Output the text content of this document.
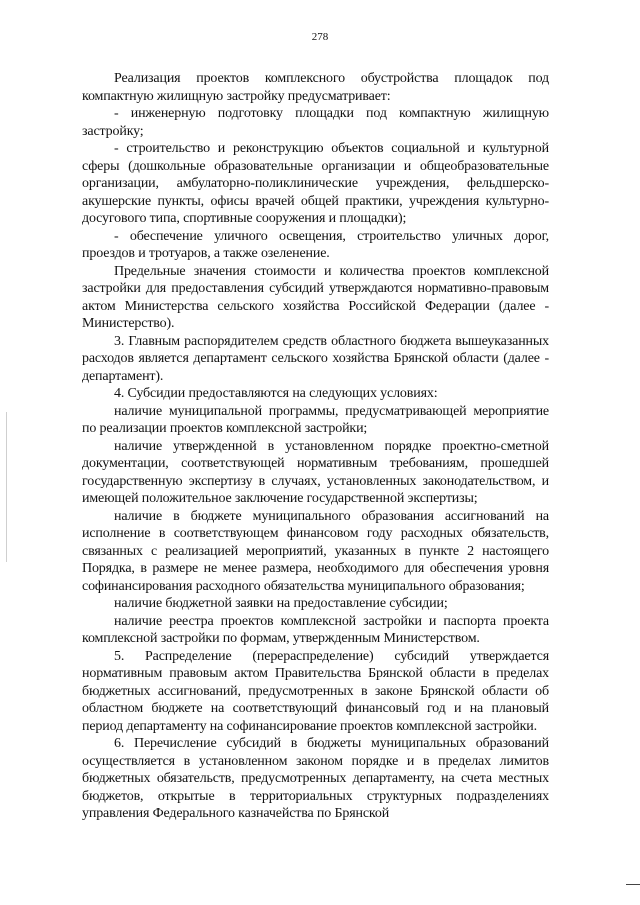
278

Реализация проектов комплексного обустройства площадок под компактную жилищную застройку предусматривает:

- инженерную подготовку площадки под компактную жилищную застройку;

- строительство и реконструкцию объектов социальной и культурной сферы (дошкольные образовательные организации и общеобразовательные организации, амбулаторно-поликлинические учреждения, фельдшерско-акушерские пункты, офисы врачей общей практики, учреждения культурно-досугового типа, спортивные сооружения и площадки);

- обеспечение уличного освещения, строительство уличных дорог, проездов и тротуаров, а также озеленение.

Предельные значения стоимости и количества проектов комплексной застройки для предоставления субсидий утверждаются нормативно-правовым актом Министерства сельского хозяйства Российской Федерации (далее - Министерство).

3. Главным распорядителем средств областного бюджета вышеуказанных расходов является департамент сельского хозяйства Брянской области (далее - департамент).

4. Субсидии предоставляются на следующих условиях:

наличие муниципальной программы, предусматривающей мероприятие по реализации проектов комплексной застройки;

наличие утвержденной в установленном порядке проектно-сметной документации, соответствующей нормативным требованиям, прошедшей государственную экспертизу в случаях, установленных законодательством, и имеющей положительное заключение государственной экспертизы;

наличие в бюджете муниципального образования ассигнований на исполнение в соответствующем финансовом году расходных обязательств, связанных с реализацией мероприятий, указанных в пункте 2 настоящего Порядка, в размере не менее размера, необходимого для обеспечения уровня софинансирования расходного обязательства муниципального образования;

наличие бюджетной заявки на предоставление субсидии;

наличие реестра проектов комплексной застройки и паспорта проекта комплексной застройки по формам, утвержденным Министерством.

5. Распределение (перераспределение) субсидий утверждается нормативным правовым актом Правительства Брянской области в пределах бюджетных ассигнований, предусмотренных в законе Брянской области об областном бюджете на соответствующий финансовый год и на плановый период департаменту на софинансирование проектов комплексной застройки.

6. Перечисление субсидий в бюджеты муниципальных образований осуществляется в установленном законом порядке и в пределах лимитов бюджетных обязательств, предусмотренных департаменту, на счета местных бюджетов, открытые в территориальных структурных подразделениях управления Федерального казначейства по Брянской
